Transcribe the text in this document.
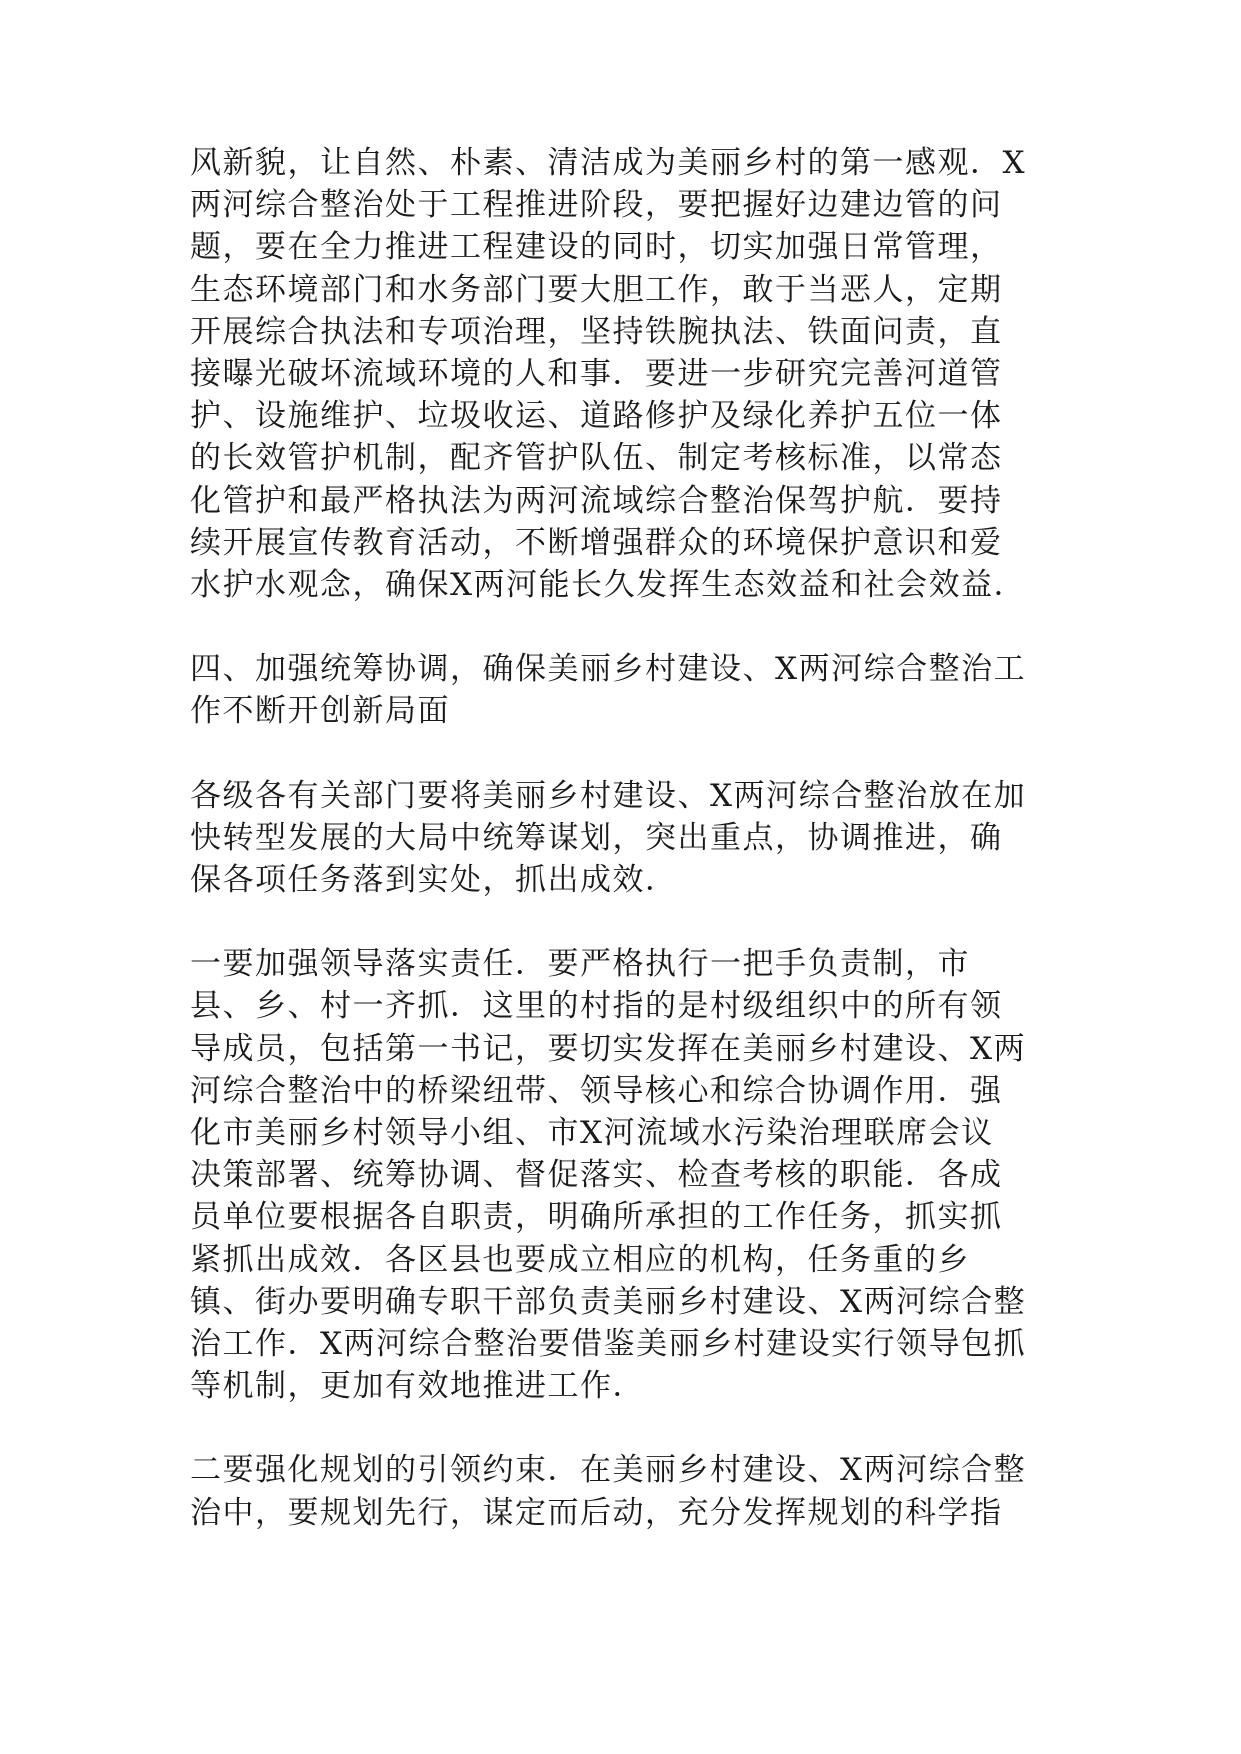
风新貌，让自然、朴素、清洁成为美丽乡村的第一感观．X
两河综合整治处于工程推进阶段，要把握好边建边管的问
题，要在全力推进工程建设的同时，切实加强日常管理，
生态环境部门和水务部门要大胆工作，敢于当恶人，定期
开展综合执法和专项治理，坚持铁腕执法、铁面问责，直
接曝光破坏流域环境的人和事．要进一步研究完善河道管
护、设施维护、垃圾收运、道路修护及绿化养护五位一体
的长效管护机制，配齐管护队伍、制定考核标准，以常态
化管护和最严格执法为两河流域综合整治保驾护航．要持
续开展宣传教育活动，不断增强群众的环境保护意识和爱
水护水观念，确保X两河能长久发挥生态效益和社会效益．

四、加强统筹协调，确保美丽乡村建设、X两河综合整治工
作不断开创新局面

各级各有关部门要将美丽乡村建设、X两河综合整治放在加
快转型发展的大局中统筹谋划，突出重点，协调推进，确
保各项任务落到实处，抓出成效．

一要加强领导落实责任．要严格执行一把手负责制，市
县、乡、村一齐抓．这里的村指的是村级组织中的所有领
导成员，包括第一书记，要切实发挥在美丽乡村建设、X两
河综合整治中的桥梁纽带、领导核心和综合协调作用．强
化市美丽乡村领导小组、市X河流域水污染治理联席会议
决策部署、统筹协调、督促落实、检查考核的职能．各成
员单位要根据各自职责，明确所承担的工作任务，抓实抓
紧抓出成效．各区县也要成立相应的机构，任务重的乡
镇、街办要明确专职干部负责美丽乡村建设、X两河综合整
治工作．X两河综合整治要借鉴美丽乡村建设实行领导包抓
等机制，更加有效地推进工作．

二要强化规划的引领约束．在美丽乡村建设、X两河综合整
治中，要规划先行，谋定而后动，充分发挥规划的科学指
